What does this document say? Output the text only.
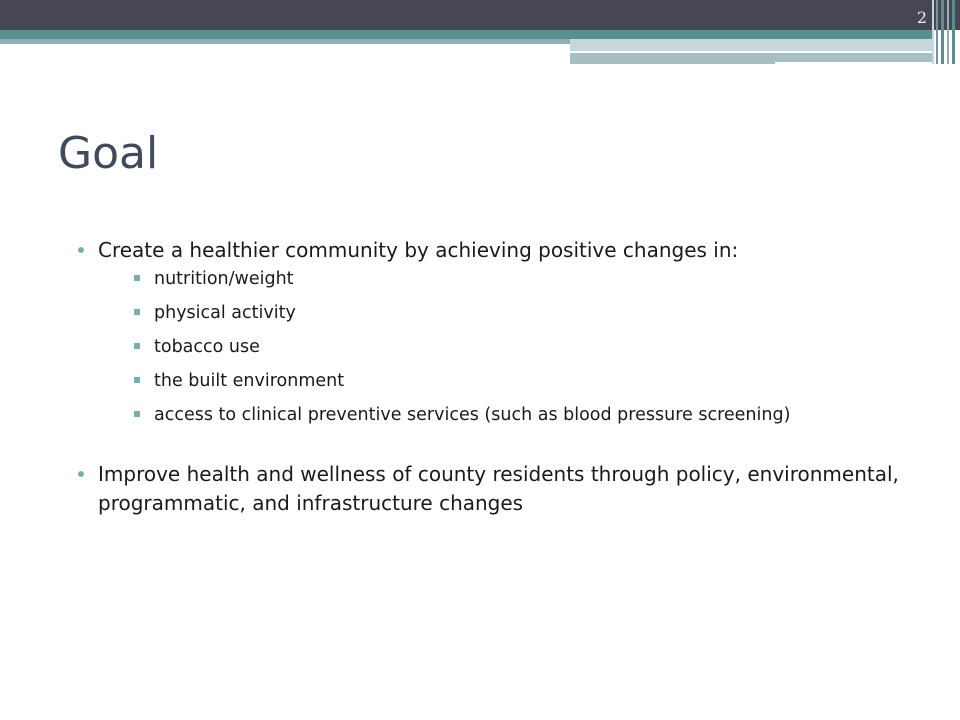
2
Goal
Create a healthier community by achieving positive changes in:
nutrition/weight
physical activity
tobacco use
the built environment
access to clinical preventive services (such as blood pressure screening)
Improve health and wellness of county residents through policy, environmental, programmatic, and infrastructure changes
